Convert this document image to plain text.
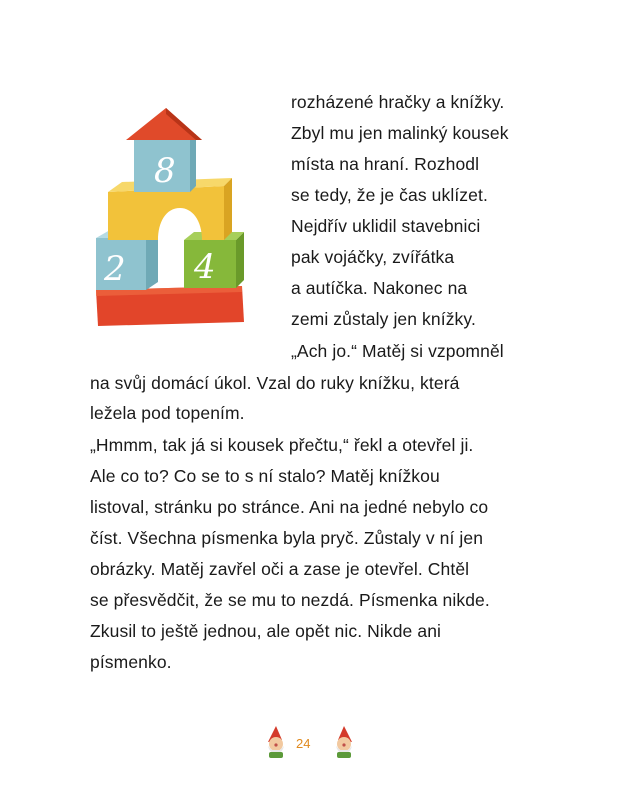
8
2 4
rozházené hračky a knížky.
Zbyl mu jen malinký kousek
místa na hraní. Rozhodl
se tedy, že je čas uklízet.
Nejdřív uklidil stavebnici
pak vojáčky, zvířátka
a autíčka. Nakonec na
zemi zůstaly jen knížky.
„Ach jo.“ Matěj si vzpomněl
na svůj domácí úkol. Vzal do ruky knížku, která
ležela pod topením.
„Hmmm, tak já si kousek přečtu,“ řekl a otevřel ji.
Ale co to? Co se to s ní stalo? Matěj knížkou
listoval, stránku po stránce. Ani na jedné nebylo co
číst. Všechna písmenka byla pryč. Zůstaly v ní jen
obrázky. Matěj zavřel oči a zase je otevřel. Chtěl
se přesvědčit, že se mu to nezdá. Písmenka nikde.
Zkusil to ještě jednou, ale opět nic. Nikde ani
písmenko.
24
